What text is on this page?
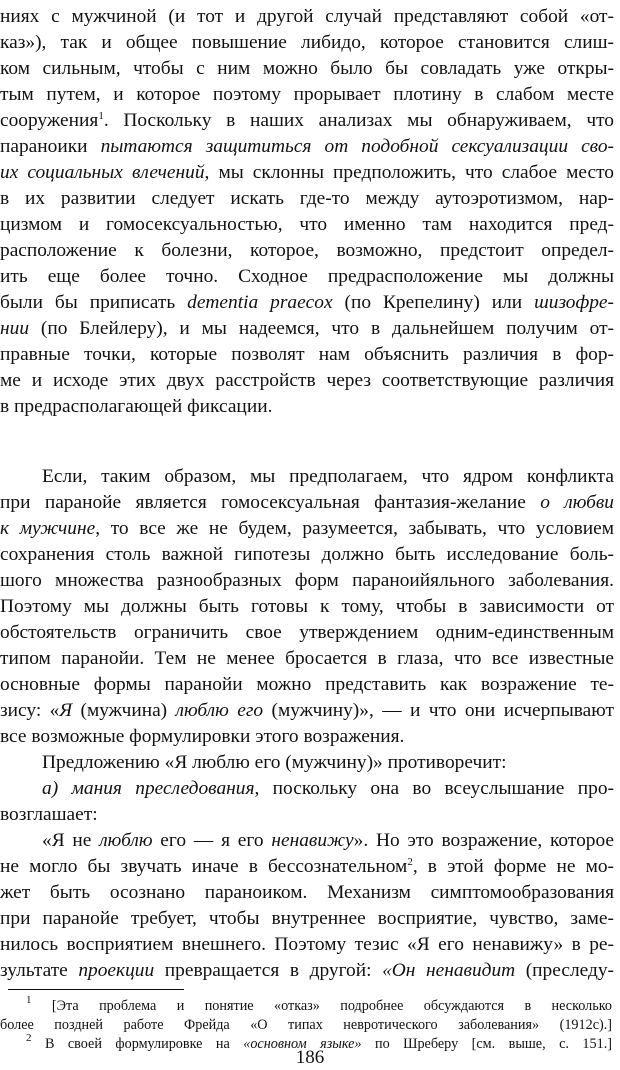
ниях с мужчиной (и тот и другой случай представляют собой «от-
каз»), так и общее повышение либидо, которое становится слиш-
ком сильным, чтобы с ним можно было бы совладать уже откры-
тым путем, и которое поэтому прорывает плотину в слабом месте
сооружения$^1$. Поскольку в наших анализах мы обнаруживаем, что
параноики пытаются защититься от подобной сексуализации сво-
их социальных влечений, мы склонны предположить, что слабое место
в их развитии следует искать где-то между аутоэротизмом, нар-
цизмом и гомосексуальностью, что именно там находится пред-
расположение к болезни, которое, возможно, предстоит определ-
ить еще более точно. Сходное предрасположение мы должны
были бы приписать dementia praecox (по Крепелину) или шизофре-
нии (по Блейлеру), и мы надеемся, что в дальнейшем получим от-
правные точки, которые позволят нам объяснить различия в фор-
ме и исходе этих двух расстройств через соответствующие различия
в предрасполагающей фиксации.
Если, таким образом, мы предполагаем, что ядром конфликта
при паранойе является гомосексуальная фантазия-желание о любви
к мужчине, то все же не будем, разумеется, забывать, что условием
сохранения столь важной гипотезы должно быть исследование боль-
шого множества разнообразных форм параноийяльного заболевания.
Поэтому мы должны быть готовы к тому, чтобы в зависимости от
обстоятельств ограничить свое утверждением одним-единственным
типом паранойи. Тем не менее бросается в глаза, что все известные
основные формы паранойи можно представить как возражение те-
зису: «Я (мужчина) люблю его (мужчину)», — и что они исчерпывают
все возможные формулировки этого возражения.
Предложению «Я люблю его (мужчину)» противоречит:
а) мания преследования, поскольку она во всеуслышание про-
возглашает:
«Я не люблю его — я его ненавижу». Но это возражение, которое
не могло бы звучать иначе в бессознательном$^2$, в этой форме не мо-
жет быть осознано параноиком. Механизм симптомообразования
при паранойе требует, чтобы внутреннее восприятие, чувство, заме-
нилось восприятием внешнего. Поэтому тезис «Я его ненавижу» в ре-
зультате проекции превращается в другой: «Он ненавидит (преследу-
$^1$ [Эта проблема и понятие «отказ» подробнее обсуждаются в несколько
более поздней работе Фрейда «О типах невротического заболевания» (1912c).]
$^2$ В своей формулировке на «основном языке» по Шреберу [см. выше, с. 151.]
186
